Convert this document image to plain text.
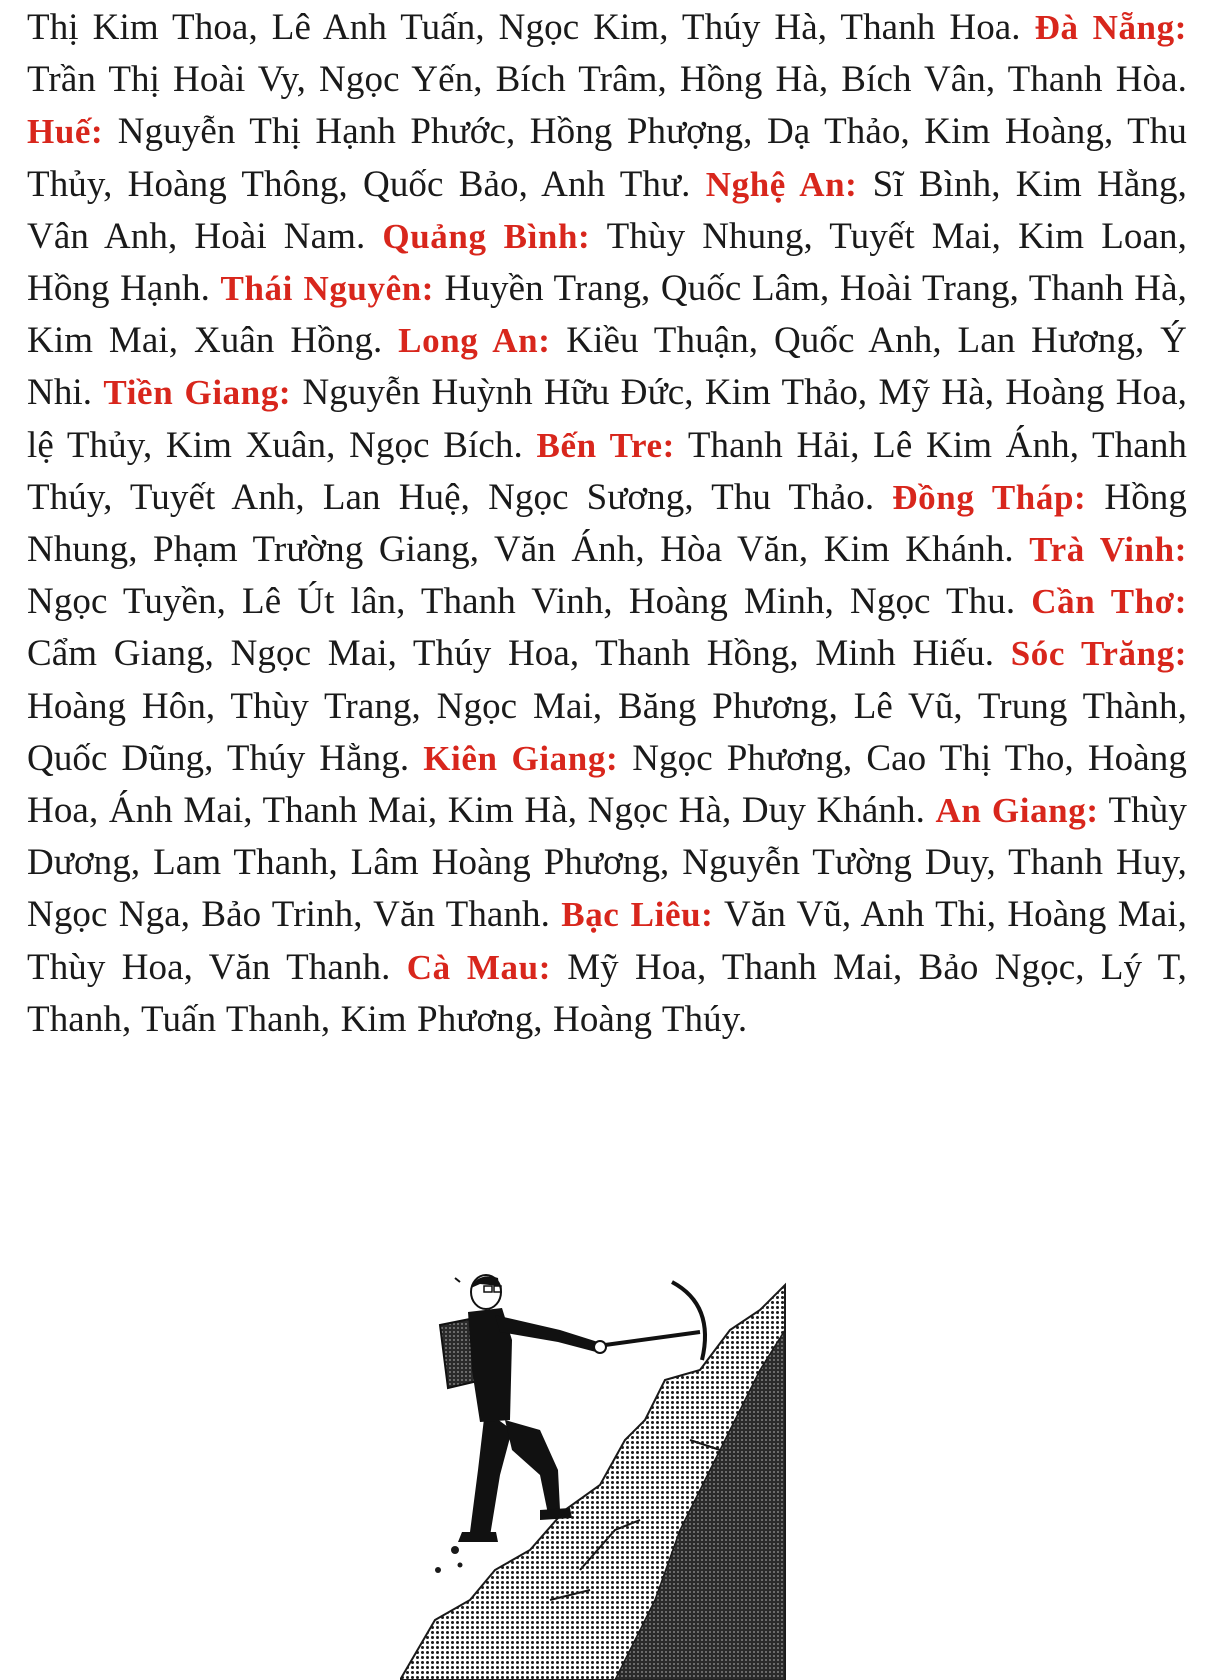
Thị Kim Thoa, Lê Anh Tuấn, Ngọc Kim, Thúy Hà, Thanh Hoa. Đà Nẵng: Trần Thị Hoài Vy, Ngọc Yến, Bích Trâm, Hồng Hà, Bích Vân, Thanh Hòa. Huế: Nguyễn Thị Hạnh Phước, Hồng Phượng, Dạ Thảo, Kim Hoàng, Thu Thủy, Hoàng Thông, Quốc Bảo, Anh Thư. Nghệ An: Sĩ Bình, Kim Hằng, Vân Anh, Hoài Nam. Quảng Bình: Thùy Nhung, Tuyết Mai, Kim Loan, Hồng Hạnh. Thái Nguyên: Huyền Trang, Quốc Lâm, Hoài Trang, Thanh Hà, Kim Mai, Xuân Hồng. Long An: Kiều Thuận, Quốc Anh, Lan Hương, Ý Nhi. Tiền Giang: Nguyễn Huỳnh Hữu Đức, Kim Thảo, Mỹ Hà, Hoàng Hoa, lệ Thủy, Kim Xuân, Ngọc Bích. Bến Tre: Thanh Hải, Lê Kim Ánh, Thanh Thúy, Tuyết Anh, Lan Huệ, Ngọc Sương, Thu Thảo. Đồng Tháp: Hồng Nhung, Phạm Trường Giang, Văn Ánh, Hòa Văn, Kim Khánh. Trà Vinh: Ngọc Tuyền, Lê Út lân, Thanh Vinh, Hoàng Minh, Ngọc Thu. Cần Thơ: Cẩm Giang, Ngọc Mai, Thúy Hoa, Thanh Hồng, Minh Hiếu. Sóc Trăng: Hoàng Hôn, Thùy Trang, Ngọc Mai, Băng Phương, Lê Vũ, Trung Thành, Quốc Dũng, Thúy Hằng. Kiên Giang: Ngọc Phương, Cao Thị Tho, Hoàng Hoa, Ánh Mai, Thanh Mai, Kim Hà, Ngọc Hà, Duy Khánh. An Giang: Thùy Dương, Lam Thanh, Lâm Hoàng Phương, Nguyễn Tường Duy, Thanh Huy, Ngọc Nga, Bảo Trinh, Văn Thanh. Bạc Liêu: Văn Vũ, Anh Thi, Hoàng Mai, Thùy Hoa, Văn Thanh. Cà Mau: Mỹ Hoa, Thanh Mai, Bảo Ngọc, Lý T, Thanh, Tuấn Thanh, Kim Phương, Hoàng Thúy.
